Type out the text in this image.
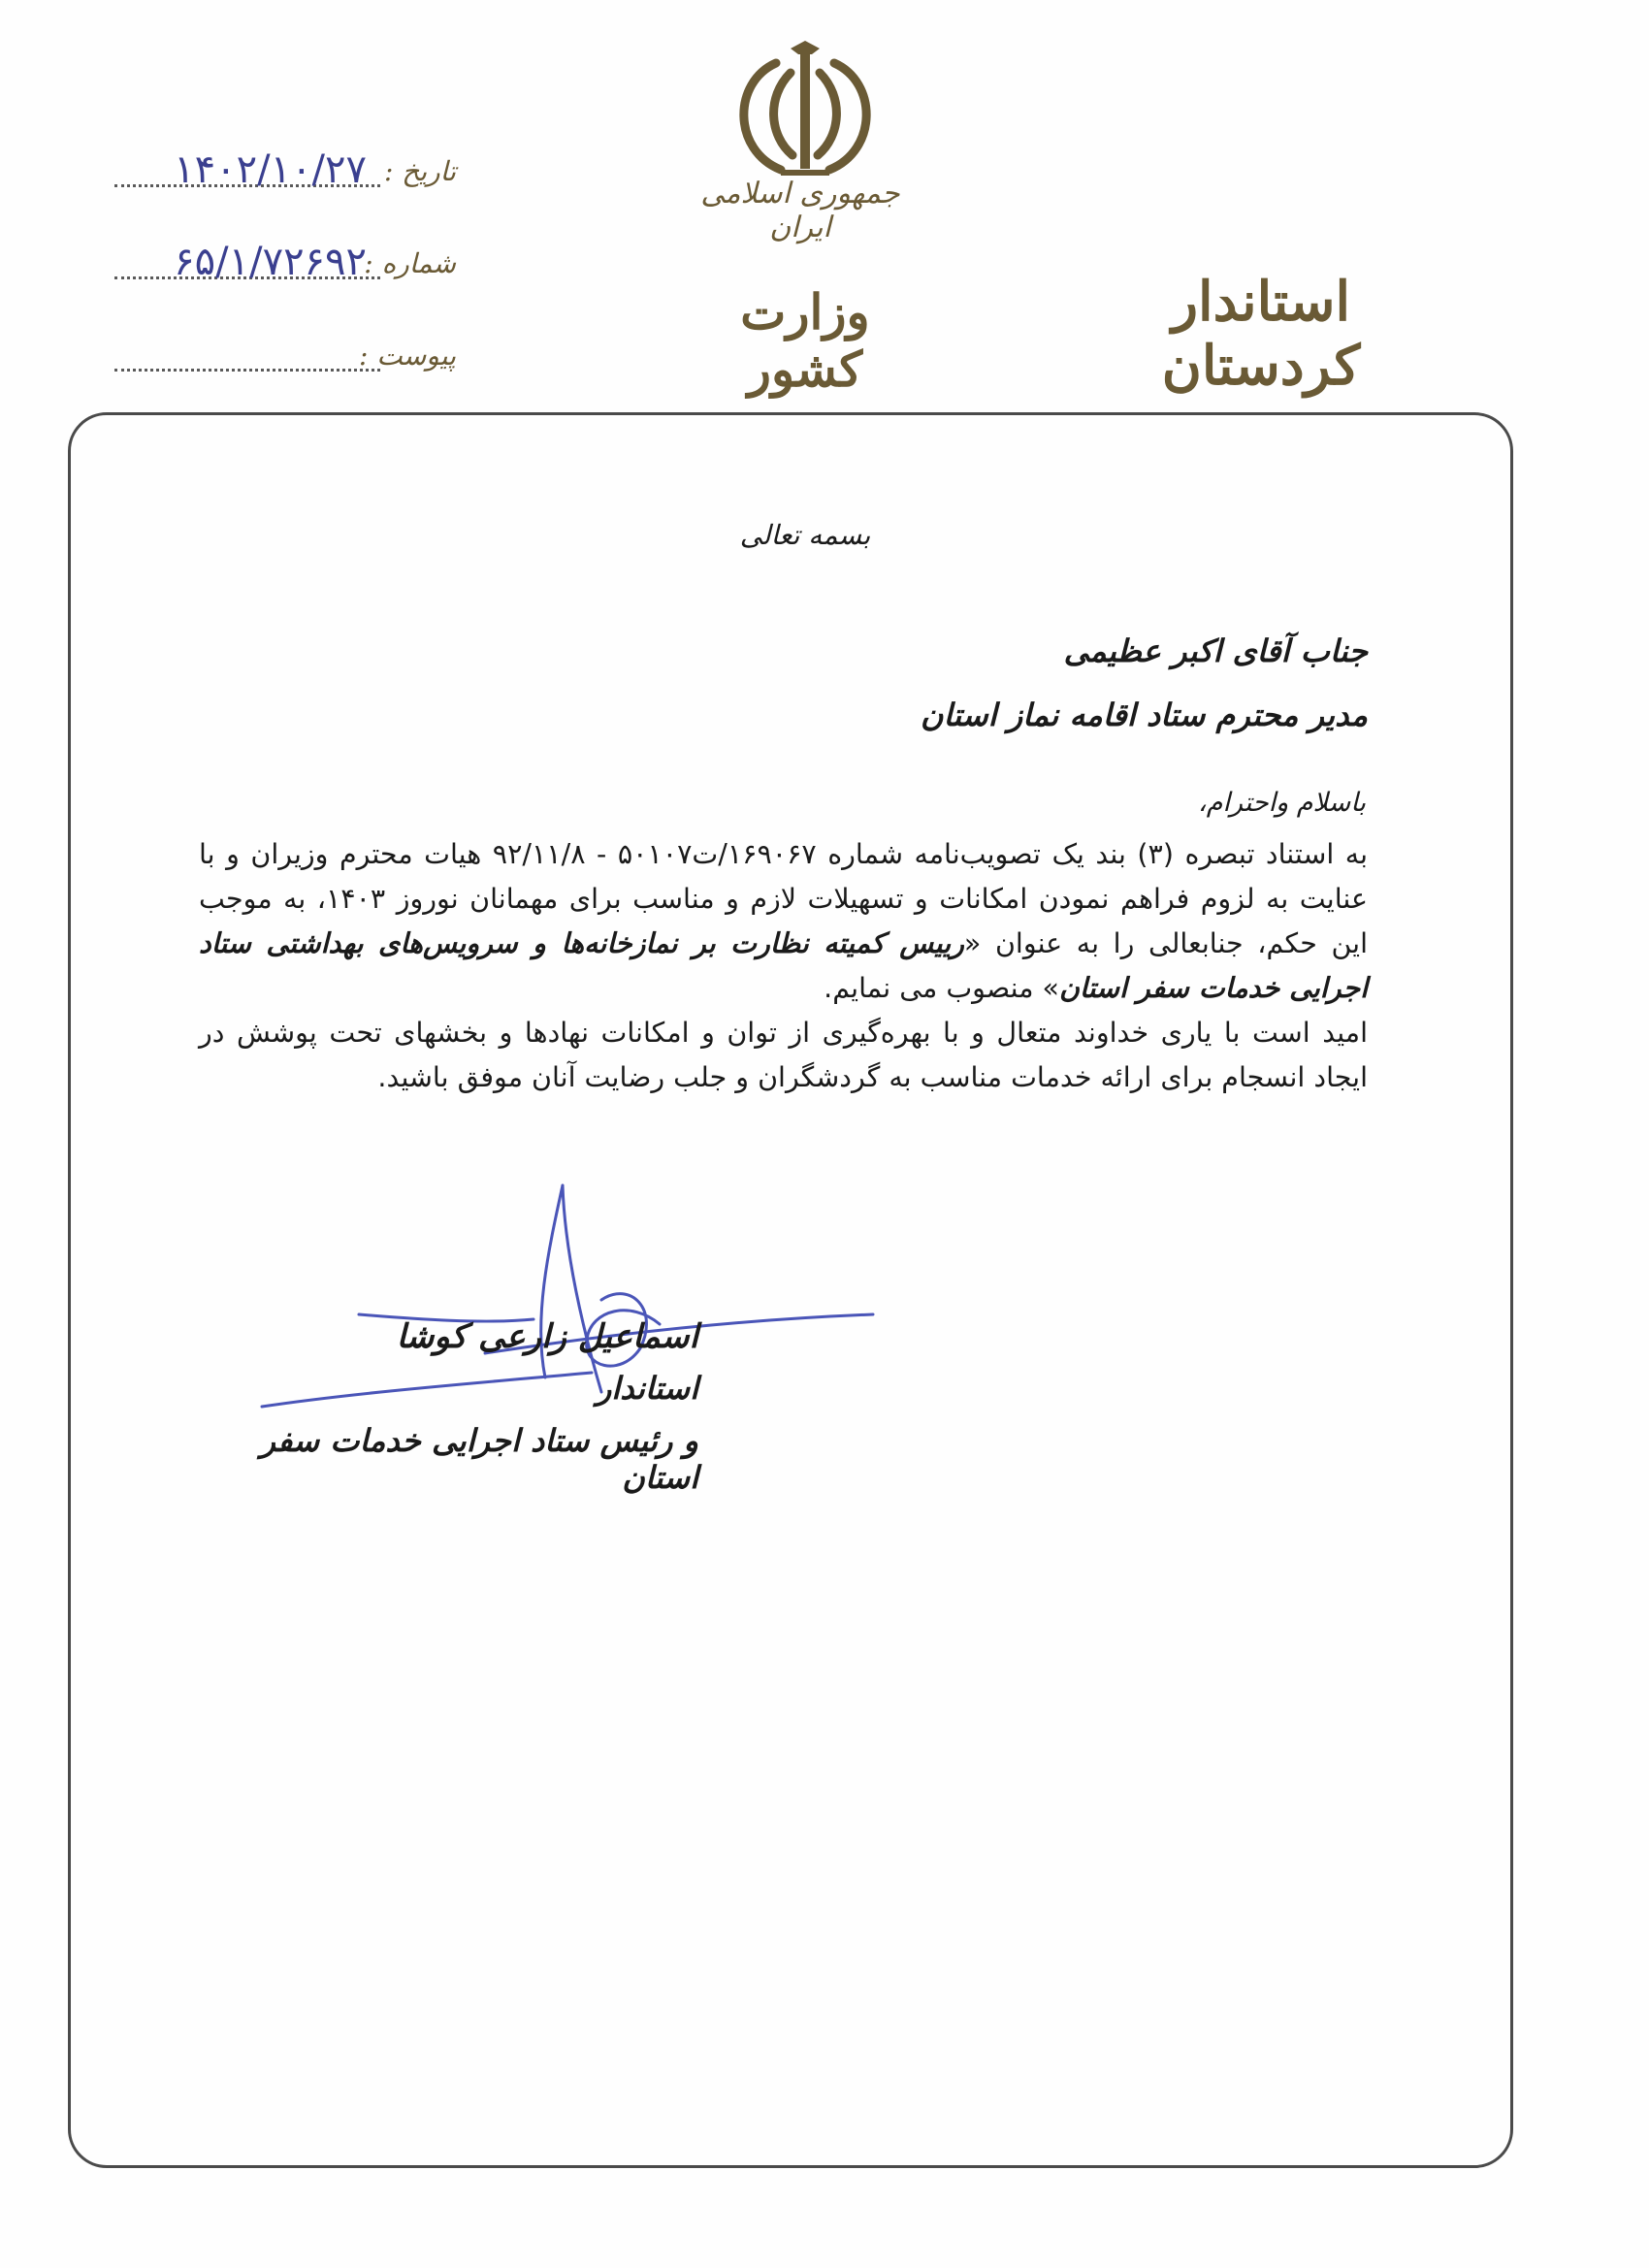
جمهوری اسلامی ایران
وزارت کشور
استاندار کردستان
تاریخ :
۱۴۰۲/۱۰/۲۷
شماره :
۶۵/۱/۷۲۶۹۲
پیوست :
بسمه تعالی
جناب آقای اکبر عظیمی
مدیر محترم ستاد اقامه نماز استان
باسلام واحترام،

به استناد تبصره (۳) بند یک تصویب‌نامه شماره ۱۶۹۰۶۷/ت۵۰۱۰۷ - ۹۲/۱۱/۸ هیات محترم وزیران و با عنایت به لزوم فراهم نمودن امکانات و تسهیلات لازم و مناسب برای مهمانان نوروز ۱۴۰۳، به موجب این حکم، جنابعالی را به عنوان «رییس کمیته نظارت بر نمازخانه‌ها و سرویس‌های بهداشتی ستاد اجرایی خدمات سفر استان» منصوب می نمایم.

امید است با یاری خداوند متعال و با بهره‌گیری از توان و امکانات نهادها و بخشهای تحت پوشش در ایجاد انسجام برای ارائه خدمات مناسب به گردشگران و جلب رضایت آنان موفق باشید.

اسماعیل زارعی کوشا
استاندار
و رئیس ستاد اجرایی خدمات سفر استان
